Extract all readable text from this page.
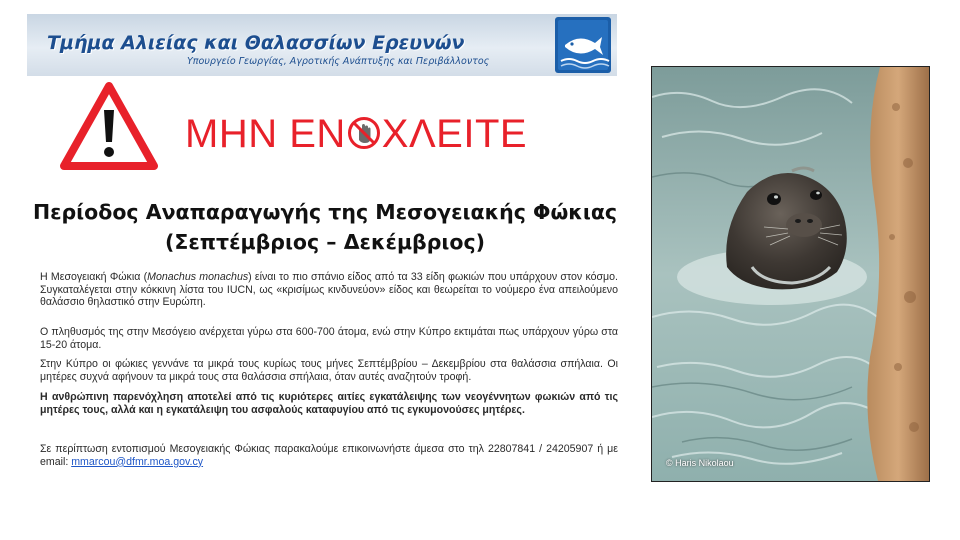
Τμήμα Αλιείας και Θαλασσίων Ερευνών
Υπουργείο Γεωργίας, Αγροτικής Ανάπτυξης και Περιβάλλοντος
ΜΗΝ ΕΝ ΧΛΕΙΤΕ
Περίοδος Αναπαραγωγής της Μεσογειακής Φώκιας
(Σεπτέμβριος – Δεκέμβριος)
Η Μεσογειακή Φώκια (Monachus monachus) είναι το πιο σπάνιο είδος από τα 33 είδη φωκιών που υπάρχουν στον κόσμο. Συγκαταλέγεται στην κόκκινη λίστα του IUCN, ως «κρισίμως κινδυνεύον» είδος και θεωρείται το νούμερο ένα απειλούμενο θαλάσσιο θηλαστικό στην Ευρώπη.
Ο πληθυσμός της στην Μεσόγειο ανέρχεται γύρω στα 600-700 άτομα, ενώ στην Κύπρο εκτιμάται πως υπάρχουν γύρω στα 15-20 άτομα.
Στην Κύπρο οι φώκιες γεννάνε τα μικρά τους κυρίως τους μήνες Σεπτέμβρίου – Δεκεμβρίου στα θαλάσσια σπήλαια. Οι μητέρες συχνά αφήνουν τα μικρά τους στα θαλάσσια σπήλαια, όταν αυτές αναζητούν τροφή.
Η ανθρώπινη παρενόχληση αποτελεί από τις κυριότερες αιτίες εγκατάλειψης των νεογέννητων φωκιών από τις μητέρες τους, αλλά και η εγκατάλειψη του ασφαλούς καταφυγίου από τις εγκυμονούσες μητέρες.
Σε περίπτωση εντοπισμού Μεσογειακής Φώκιας παρακαλούμε επικοινωνήστε άμεσα στο τηλ 22807841 / 24205907 ή με email: mmarcou@dfmr.moa.gov.cy	© Haris Nikolaou
